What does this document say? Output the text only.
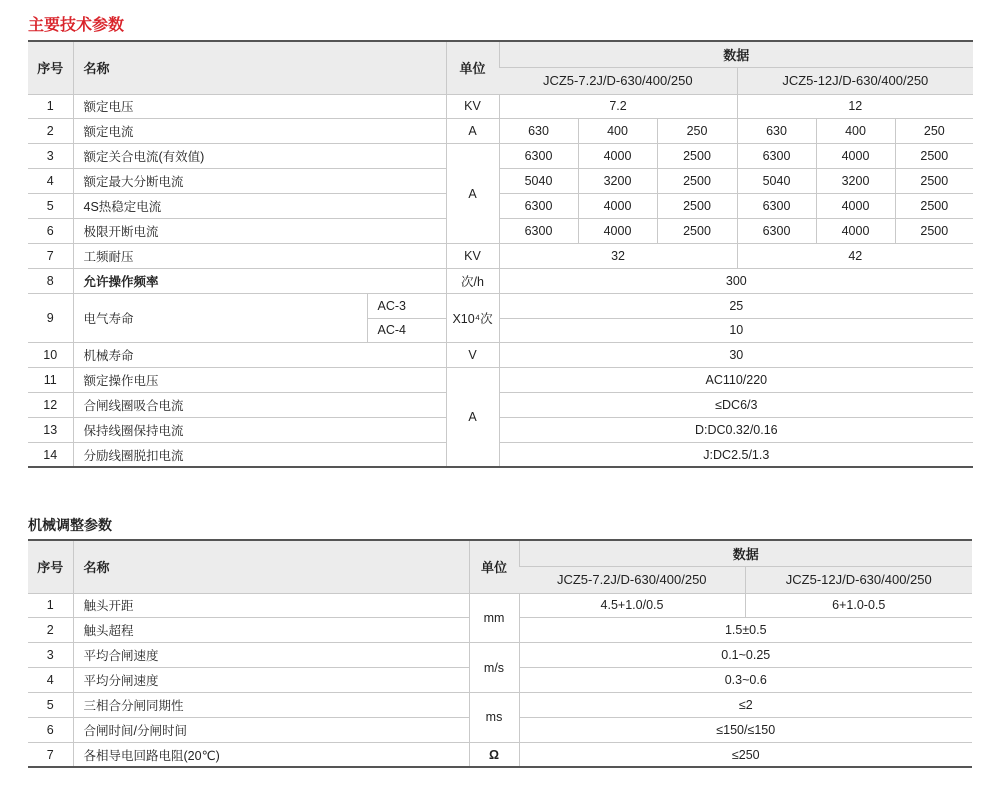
主要技术参数
序号	名称		单位	数据					
				JCZ5-7.2J/D-630/400/250			JCZ5-12J/D-630/400/250		
1	额定电压		KV	7.2			12		
2	额定电流		A	630	400	250	630	400	250
3	额定关合电流(有效值)		A	6300	4000	2500	6300	4000	2500
4	额定最大分断电流			5040	3200	2500	5040	3200	2500
5	4S热稳定电流			6300	4000	2500	6300	4000	2500
6	极限开断电流			6300	4000	2500	6300	4000	2500
7	工频耐压		KV	32			42		
8	允许操作频率		次/h	300					
9	电气寿命	AC-3	X10⁴次	25					
		AC-4		10					
10	机械寿命		V	30					
11	额定操作电压		A	AC110/220					
12	合闸线圈吸合电流			≤DC6/3					
13	保持线圈保持电流			D:DC0.32/0.16					
14	分励线圈脱扣电流			J:DC2.5/1.3					
机械调整参数
序号	名称	单位	数据	
			JCZ5-7.2J/D-630/400/250	JCZ5-12J/D-630/400/250
1	触头开距	mm	4.5+1.0/0.5	6+1.0-0.5
2	触头超程		1.5±0.5	
3	平均合闸速度	m/s	0.1~0.25	
4	平均分闸速度		0.3~0.6	
5	三相合分闸同期性	ms	≤2	
6	合闸时间/分闸时间		≤150/≤150	
7	各相导电回路电阻(20℃)	Ω	≤250	
